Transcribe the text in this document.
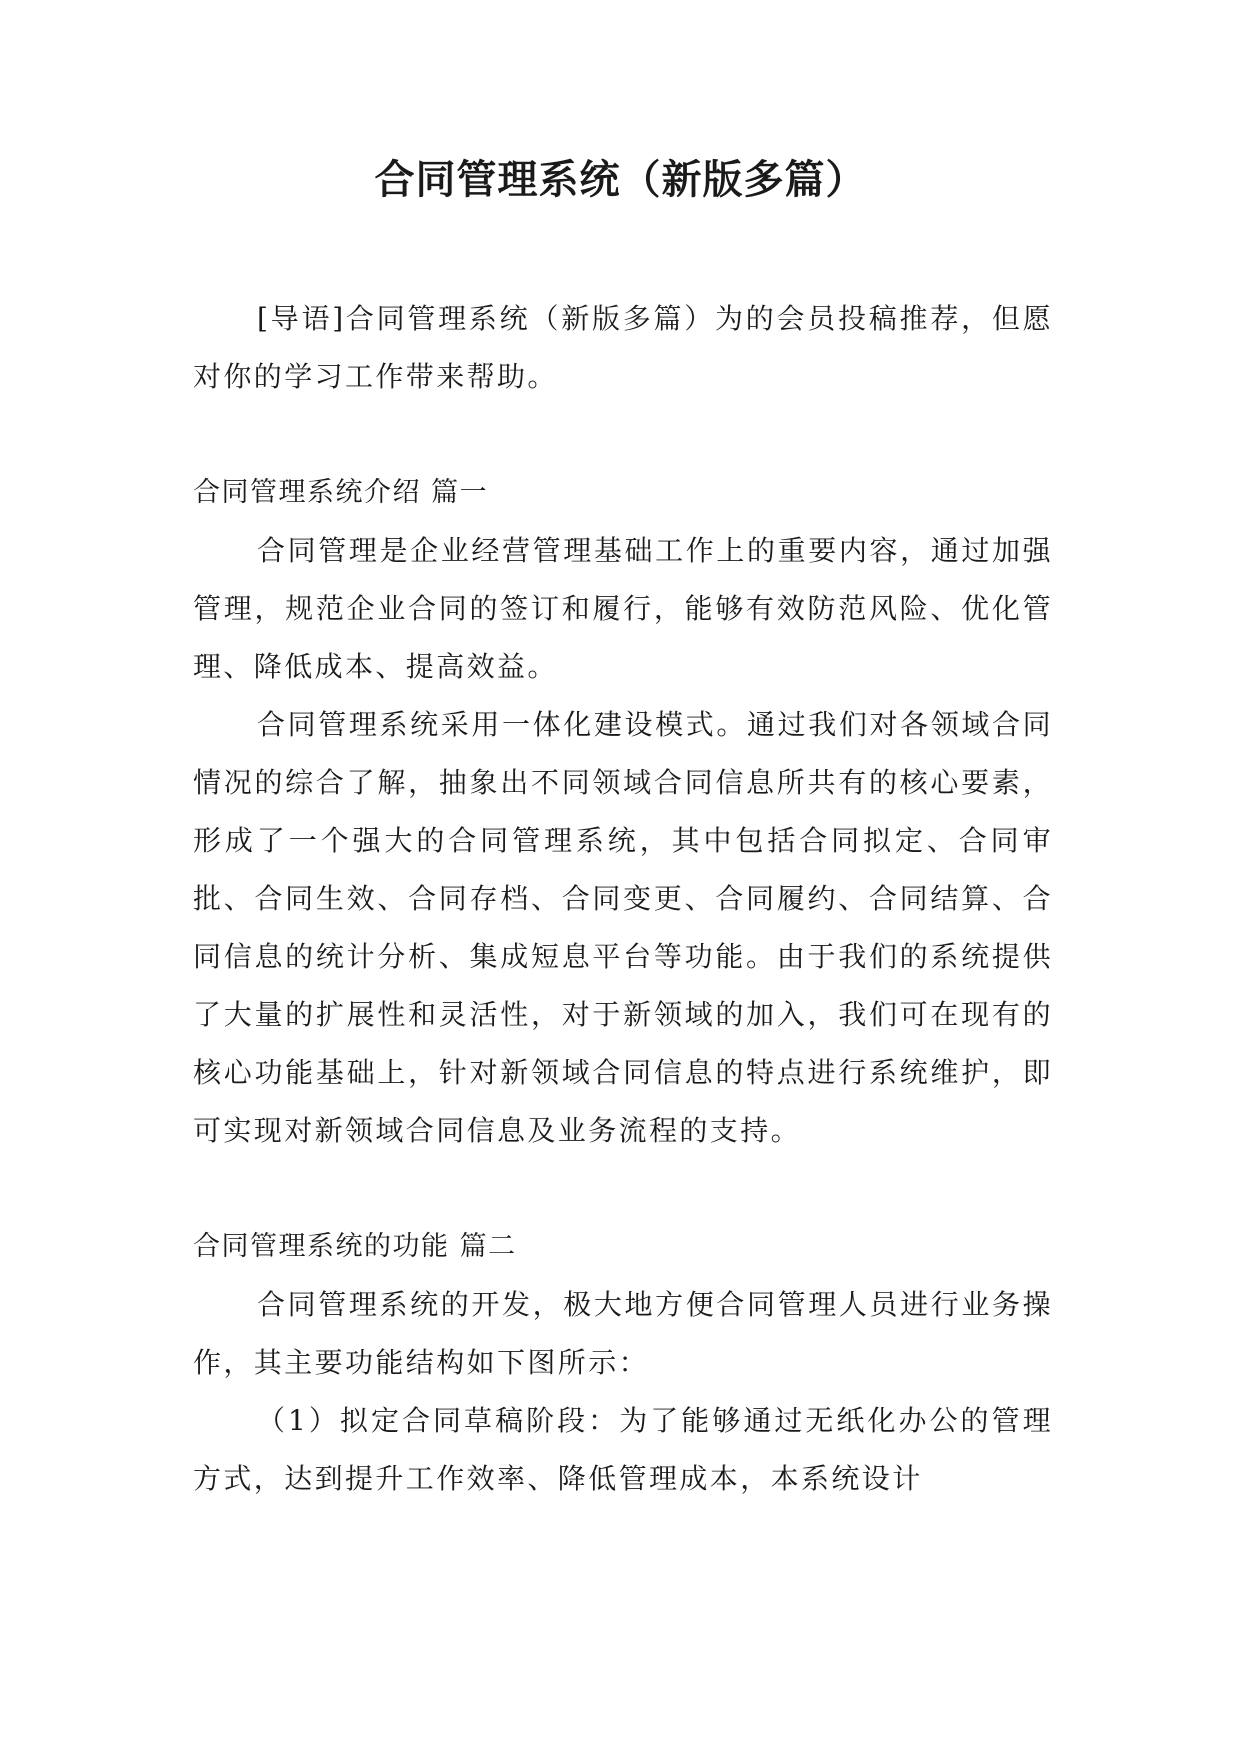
合同管理系统（新版多篇）

[导语]合同管理系统（新版多篇）为的会员投稿推荐，但愿对你的学习工作带来帮助。

合同管理系统介绍 篇一

合同管理是企业经营管理基础工作上的重要内容，通过加强管理，规范企业合同的签订和履行，能够有效防范风险、优化管理、降低成本、提高效益。

合同管理系统采用一体化建设模式。通过我们对各领域合同情况的综合了解，抽象出不同领域合同信息所共有的核心要素，形成了一个强大的合同管理系统，其中包括合同拟定、合同审批、合同生效、合同存档、合同变更、合同履约、合同结算、合同信息的统计分析、集成短息平台等功能。由于我们的系统提供了大量的扩展性和灵活性，对于新领域的加入，我们可在现有的核心功能基础上，针对新领域合同信息的特点进行系统维护，即可实现对新领域合同信息及业务流程的支持。

合同管理系统的功能 篇二

合同管理系统的开发，极大地方便合同管理人员进行业务操作，其主要功能结构如下图所示：

（1）拟定合同草稿阶段：为了能够通过无纸化办公的管理方式，达到提升工作效率、降低管理成本，本系统设计
